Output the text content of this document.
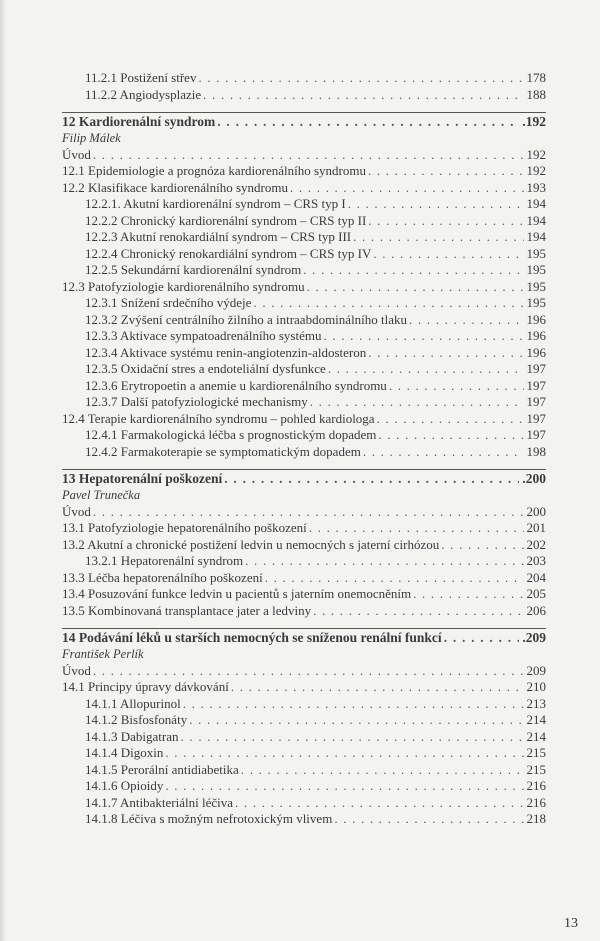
11.2.1 Postižení střev . . .	178
11.2.2 Angiodysplazie . . .	188
12 Kardiorenální syndrom . . .	.192
Filip Málek
Úvod . . .	192
12.1 Epidemiologie a prognóza kardiorenálního syndromu . . .	192
12.2 Klasifikace kardiorenálního syndromu . . .	193
12.2.1. Akutní kardiorenální syndrom – CRS typ I . . .	194
12.2.2 Chronický kardiorenální syndrom – CRS typ II . . .	194
12.2.3 Akutní renokardiální syndrom – CRS typ III . . .	194
12.2.4 Chronický renokardiální syndrom – CRS typ IV . . .	195
12.2.5 Sekundární kardiorenální syndrom . . .	195
12.3 Patofyziologie kardiorenálního syndromu . . .	195
12.3.1 Snížení srdečního výdeje . . .	195
12.3.2 Zvýšení centrálního žilního a intraabdominálního tlaku . . .	196
12.3.3 Aktivace sympatoadrenálního systému . . .	196
12.3.4 Aktivace systému renin-angiotenzin-aldosteron . . .	196
12.3.5 Oxidační stres a endoteliální dysfunkce . . .	197
12.3.6 Erytropoetin a anemie u kardiorenálního syndromu . . .	197
12.3.7 Další patofyziologické mechanismy . . .	197
12.4 Terapie kardiorenálního syndromu – pohled kardiologa . . .	197
12.4.1 Farmakologická léčba s prognostickým dopadem . . .	197
12.4.2 Farmakoterapie se symptomatickým dopadem . . .	198
13 Hepatorenální poškození . . .	.200
Pavel Trunečka
Úvod . . .	200
13.1 Patofyziologie hepatorenálního poškození . . .	201
13.2 Akutní a chronické postižení ledvin u nemocných s jaterní cirhózou . . .	202
13.2.1 Hepatorenální syndrom . . .	203
13.3 Léčba hepatorenálního poškození . . .	204
13.4 Posuzování funkce ledvin u pacientů s jaterním onemocněním . . .	205
13.5 Kombinovaná transplantace jater a ledviny . . .	206
14 Podávání léků u starších nemocných se sníženou renální funkcí . . .	.209
František Perlík
Úvod . . .	209
14.1 Principy úpravy dávkování . . .	210
14.1.1 Allopurinol . . .	213
14.1.2 Bisfosfonáty . . .	214
14.1.3 Dabigatran . . .	214
14.1.4 Digoxin . . .	215
14.1.5 Perorální antidiabetika . . .	215
14.1.6 Opioidy . . .	216
14.1.7 Antibakteriální léčiva . . .	216
14.1.8 Léčiva s možným nefrotoxickým vlivem . . .	218
13
